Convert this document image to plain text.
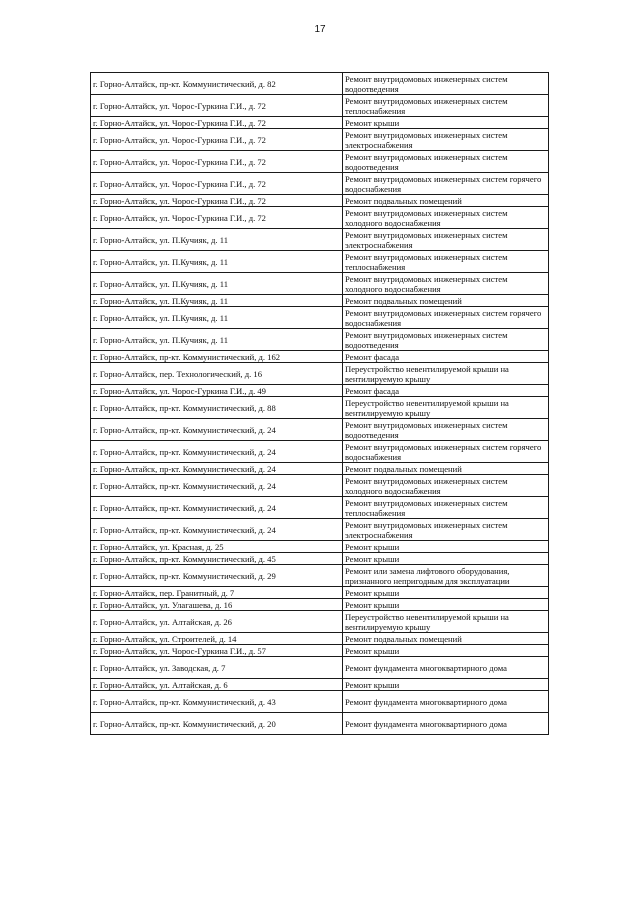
17
г. Горно-Алтайск, пр-кт. Коммунистический, д. 82	Ремонт внутридомовых инженерных систем водоотведения
г. Горно-Алтайск, ул. Чорос-Гуркина Г.И., д. 72	Ремонт внутридомовых инженерных систем теплоснабжения
г. Горно-Алтайск, ул. Чорос-Гуркина Г.И., д. 72	Ремонт крыши
г. Горно-Алтайск, ул. Чорос-Гуркина Г.И., д. 72	Ремонт внутридомовых инженерных систем электроснабжения
г. Горно-Алтайск, ул. Чорос-Гуркина Г.И., д. 72	Ремонт внутридомовых инженерных систем водоотведения
г. Горно-Алтайск, ул. Чорос-Гуркина Г.И., д. 72	Ремонт внутридомовых инженерных систем горячего водоснабжения
г. Горно-Алтайск, ул. Чорос-Гуркина Г.И., д. 72	Ремонт подвальных помещений
г. Горно-Алтайск, ул. Чорос-Гуркина Г.И., д. 72	Ремонт внутридомовых инженерных систем холодного водоснабжения
г. Горно-Алтайск, ул. П.Кучияк, д. 11	Ремонт внутридомовых инженерных систем электроснабжения
г. Горно-Алтайск, ул. П.Кучияк, д. 11	Ремонт внутридомовых инженерных систем теплоснабжения
г. Горно-Алтайск, ул. П.Кучияк, д. 11	Ремонт внутридомовых инженерных систем холодного водоснабжения
г. Горно-Алтайск, ул. П.Кучияк, д. 11	Ремонт подвальных помещений
г. Горно-Алтайск, ул. П.Кучияк, д. 11	Ремонт внутридомовых инженерных систем горячего водоснабжения
г. Горно-Алтайск, ул. П.Кучияк, д. 11	Ремонт внутридомовых инженерных систем водоотведения
г. Горно-Алтайск, пр-кт. Коммунистический, д. 162	Ремонт фасада
г. Горно-Алтайск, пер. Технологический, д. 16	Переустройство невентилируемой крыши на вентилируемую крышу
г. Горно-Алтайск, ул. Чорос-Гуркина Г.И., д. 49	Ремонт фасада
г. Горно-Алтайск, пр-кт. Коммунистический, д. 88	Переустройство невентилируемой крыши на вентилируемую крышу
г. Горно-Алтайск, пр-кт. Коммунистический, д. 24	Ремонт внутридомовых инженерных систем водоотведения
г. Горно-Алтайск, пр-кт. Коммунистический, д. 24	Ремонт внутридомовых инженерных систем горячего водоснабжения
г. Горно-Алтайск, пр-кт. Коммунистический, д. 24	Ремонт подвальных помещений
г. Горно-Алтайск, пр-кт. Коммунистический, д. 24	Ремонт внутридомовых инженерных систем холодного водоснабжения
г. Горно-Алтайск, пр-кт. Коммунистический, д. 24	Ремонт внутридомовых инженерных систем теплоснабжения
г. Горно-Алтайск, пр-кт. Коммунистический, д. 24	Ремонт внутридомовых инженерных систем электроснабжения
г. Горно-Алтайск, ул. Красная, д. 25	Ремонт крыши
г. Горно-Алтайск, пр-кт. Коммунистический, д. 45	Ремонт крыши
г. Горно-Алтайск, пр-кт. Коммунистический, д. 29	Ремонт или замена лифтового оборудования, признанного непригодным для эксплуатации
г. Горно-Алтайск, пер. Гранитный, д. 7	Ремонт крыши
г. Горно-Алтайск, ул. Улагашева, д. 16	Ремонт крыши
г. Горно-Алтайск, ул. Алтайская, д. 26	Переустройство невентилируемой крыши на вентилируемую крышу
г. Горно-Алтайск, ул. Строителей, д. 14	Ремонт подвальных помещений
г. Горно-Алтайск, ул. Чорос-Гуркина Г.И., д. 57	Ремонт крыши
г. Горно-Алтайск, ул. Заводская, д. 7	Ремонт фундамента многоквартирного дома
г. Горно-Алтайск, ул. Алтайская, д. 6	Ремонт крыши
г. Горно-Алтайск, пр-кт. Коммунистический, д. 43	Ремонт фундамента многоквартирного дома
г. Горно-Алтайск, пр-кт. Коммунистический, д. 20	Ремонт фундамента многоквартирного дома
